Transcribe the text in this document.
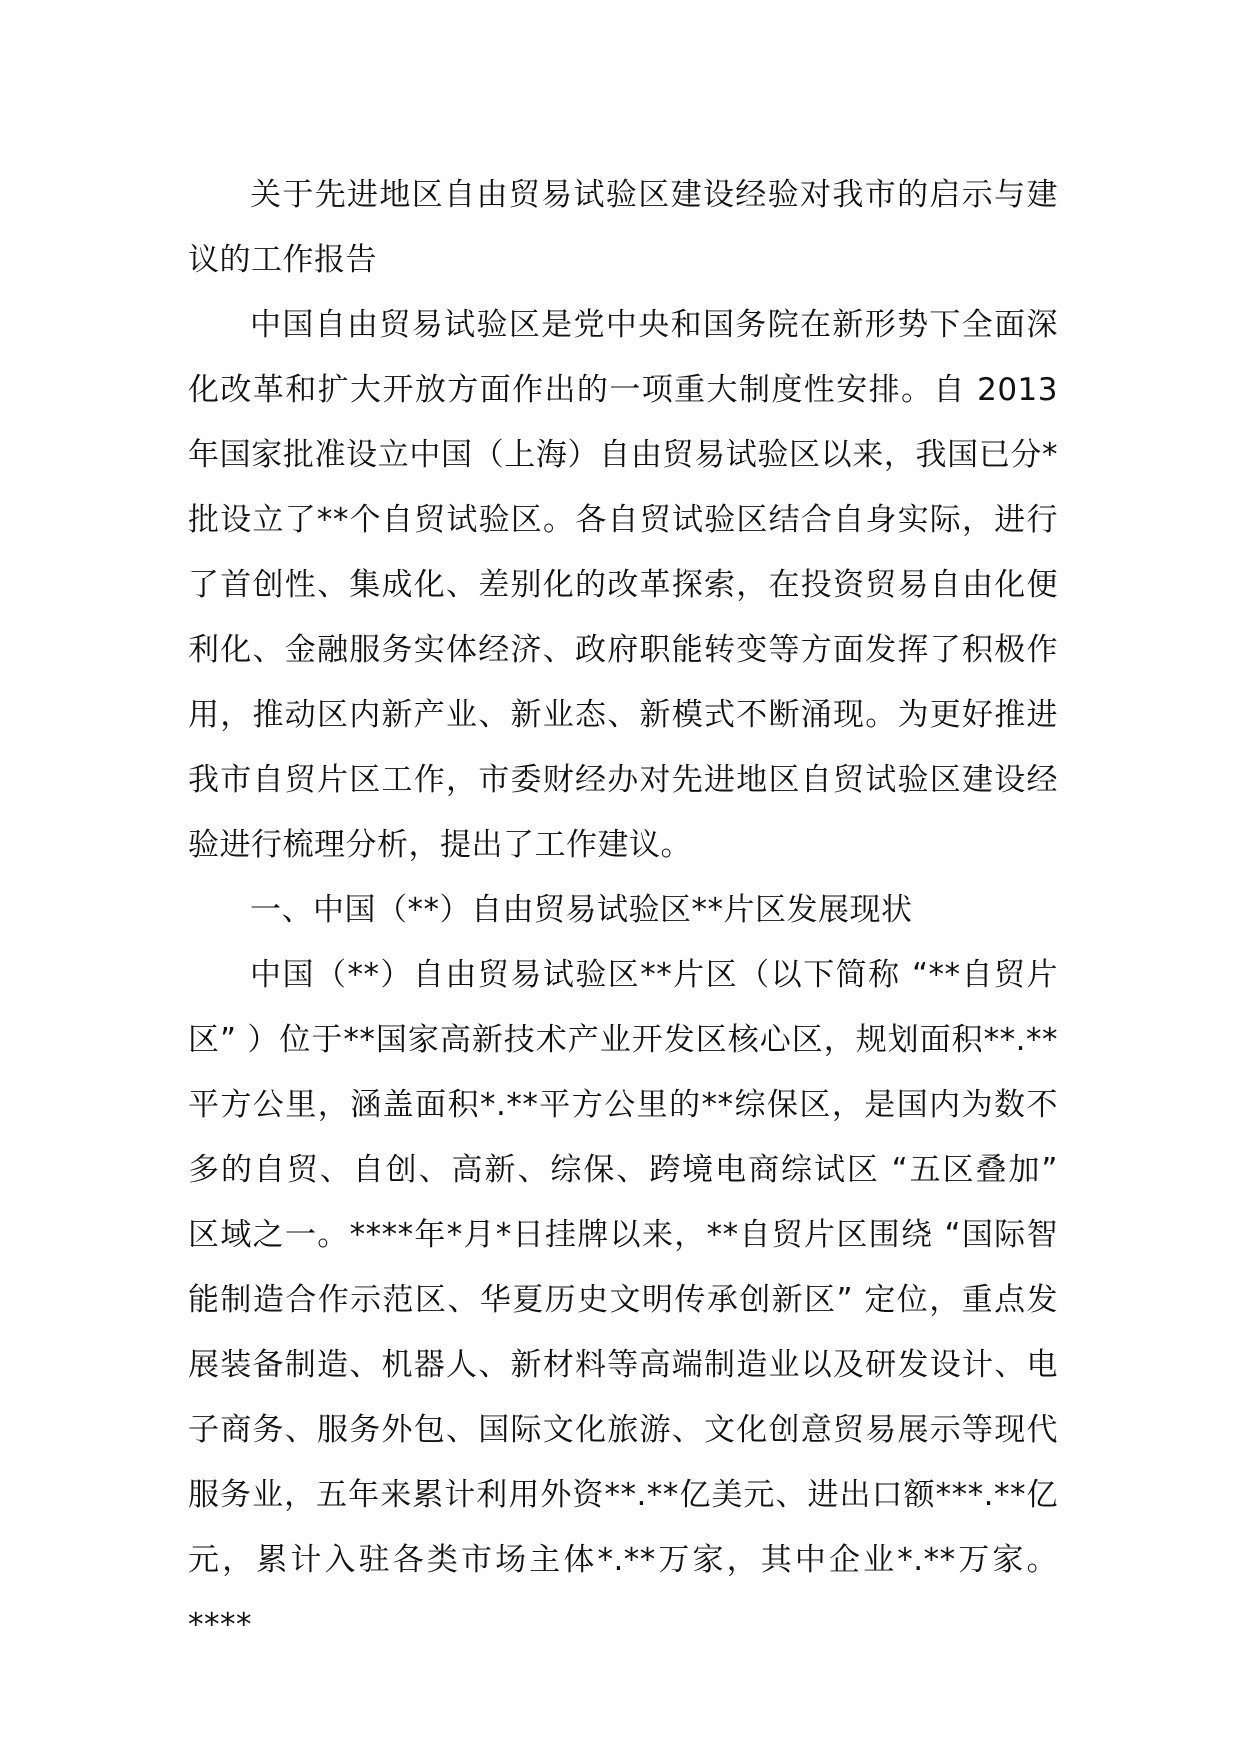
关于先进地区自由贸易试验区建设经验对我市的启示与建议的工作报告

中国自由贸易试验区是党中央和国务院在新形势下全面深化改革和扩大开放方面作出的一项重大制度性安排。自 2013 年国家批准设立中国（上海）自由贸易试验区以来，我国已分*批设立了**个自贸试验区。各自贸试验区结合自身实际，进行了首创性、集成化、差别化的改革探索，在投资贸易自由化便利化、金融服务实体经济、政府职能转变等方面发挥了积极作用，推动区内新产业、新业态、新模式不断涌现。为更好推进我市自贸片区工作，市委财经办对先进地区自贸试验区建设经验进行梳理分析，提出了工作建议。

一、中国（**）自由贸易试验区**片区发展现状

中国（**）自由贸易试验区**片区（以下简称 “**自贸片区” ）位于**国家高新技术产业开发区核心区，规划面积**.**平方公里，涵盖面积*.**平方公里的**综保区，是国内为数不多的自贸、自创、高新、综保、跨境电商综试区 “五区叠加” 区域之一。****年*月*日挂牌以来，**自贸片区围绕 “国际智能制造合作示范区、华夏历史文明传承创新区” 定位，重点发展装备制造、机器人、新材料等高端制造业以及研发设计、电子商务、服务外包、国际文化旅游、文化创意贸易展示等现代服务业，五年来累计利用外资**.**亿美元、进出口额***.**亿元，累计入驻各类市场主体*.**万家，其中企业*.**万家。****
